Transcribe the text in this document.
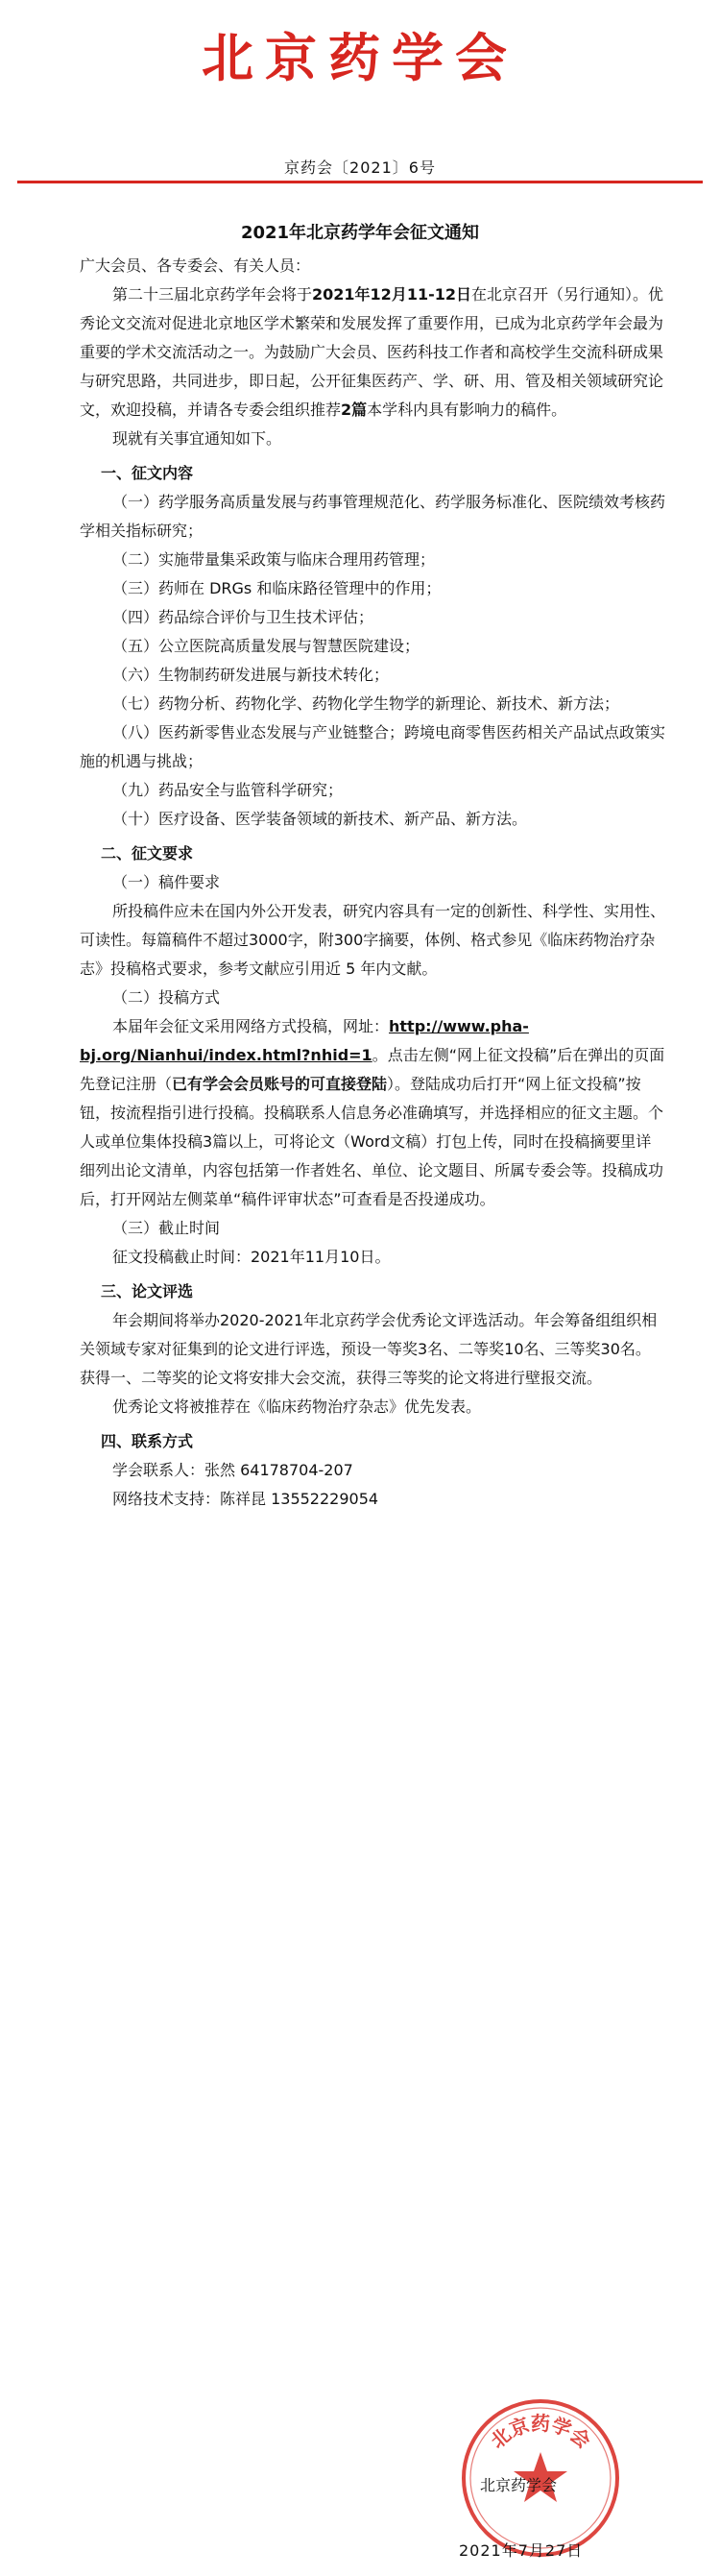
北京药学会
京药会〔2021〕6号
2021年北京药学年会征文通知

广大会员、各专委会、有关人员：

第二十三届北京药学年会将于2021年12月11-12日在北京召开（另行通知）。优秀论文交流对促进北京地区学术繁荣和发展发挥了重要作用，已成为北京药学年会最为重要的学术交流活动之一。为鼓励广大会员、医药科技工作者和高校学生交流科研成果与研究思路，共同进步，即日起，公开征集医药产、学、研、用、管及相关领域研究论文，欢迎投稿，并请各专委会组织推荐2篇本学科内具有影响力的稿件。

现就有关事宜通知如下。

一、征文内容

（一）药学服务高质量发展与药事管理规范化、药学服务标准化、医院绩效考核药学相关指标研究；

（二）实施带量集采政策与临床合理用药管理；

（三）药师在 DRGs 和临床路径管理中的作用；

（四）药品综合评价与卫生技术评估；

（五）公立医院高质量发展与智慧医院建设；

（六）生物制药研发进展与新技术转化；

（七）药物分析、药物化学、药物化学生物学的新理论、新技术、新方法；

（八）医药新零售业态发展与产业链整合；跨境电商零售医药相关产品试点政策实施的机遇与挑战；

（九）药品安全与监管科学研究；

（十）医疗设备、医学装备领域的新技术、新产品、新方法。

二、征文要求

（一）稿件要求

所投稿件应未在国内外公开发表，研究内容具有一定的创新性、科学性、实用性、可读性。每篇稿件不超过3000字，附300字摘要，体例、格式参见《临床药物治疗杂志》投稿格式要求，参考文献应引用近 5 年内文献。

（二）投稿方式

本届年会征文采用网络方式投稿，网址：http://www.pha-bj.org/Nianhui/index.html?nhid=1。点击左侧“网上征文投稿”后在弹出的页面先登记注册（已有学会会员账号的可直接登陆）。登陆成功后打开“网上征文投稿”按钮，按流程指引进行投稿。投稿联系人信息务必准确填写，并选择相应的征文主题。个人或单位集体投稿3篇以上，可将论文（Word文稿）打包上传，同时在投稿摘要里详细列出论文清单，内容包括第一作者姓名、单位、论文题目、所属专委会等。投稿成功后，打开网站左侧菜单“稿件评审状态”可查看是否投递成功。

（三）截止时间

征文投稿截止时间：2021年11月10日。

三、论文评选

年会期间将举办2020-2021年北京药学会优秀论文评选活动。年会筹备组组织相关领域专家对征集到的论文进行评选，预设一等奖3名、二等奖10名、三等奖30名。获得一、二等奖的论文将安排大会交流，获得三等奖的论文将进行壁报交流。

优秀论文将被推荐在《临床药物治疗杂志》优先发表。

四、联系方式

学会联系人：张然 64178704-207

网络技术支持：陈祥昆 13552229054

北京药学会
北京药学会
2021年7月27日
